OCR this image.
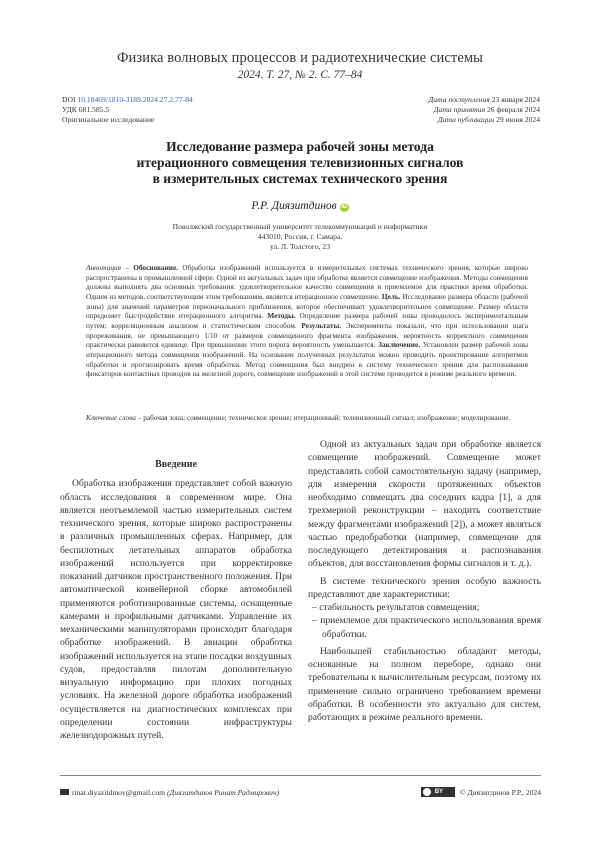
Физика волновых процессов и радиотехнические системы
2024. Т. 27, № 2. С. 77–84
DOI 10.18469/1810-3189.2024.27.2.77-84
УДК 681.585.5
Оригинальное исследование
Дата поступления 23 января 2024
Дата принятия 26 февраля 2024
Дата публикации 29 июня 2024
Исследование размера рабочей зоны метода
итерационного совмещения телевизионных сигналов
в измерительных системах технического зрения
Р.Р. Диязитдинов iD
Поволжский государственный университет телекоммуникаций и информатики
443010, Россия, г. Самара,
ул. Л. Толстого, 23
Аннотация – Обоснование. Обработка изображений используется в измерительных системах технического зрения, которые широко распространены в промышленной сфере. Одной из актуальных задач при обработке является совмещение изображения. Методы совмещения должны выполнять два основных требования: удовлетворительное качество совмещения и приемлемое для практики время обработки. Одним из методов, соответствующим этим требованиям, является итерационное совмещение. Цель. Исследование размера области (рабочей зоны) для значений параметров первоначального приближения, которое обеспечивает удовлетворительное совмещение. Размер области определяет быстродействие итерационного алгоритма. Методы. Определение размера рабочей зоны проводилось экспериментальным путем; корреляционным анализом и статистическим способом. Результаты. Эксперименты показали, что при использовании шага прореживания, не превышающего 1/10 от размеров совмещенного фрагмента изображения, вероятность корректного совмещения практически равняется единице. При превышении этого порога вероятность уменьшается. Заключение. Установлен размер рабочей зоны итерационного метода совмещения изображений. На основании полученных результатов можно проводить проектирование алгоритмов обработки и прогнозировать время обработки. Метод совмещения был внедрен в систему технического зрения для распознавания фиксаторов контактных проводов на железной дороге, совмещение изображений в этой системе проводится в режиме реального времени.
Ключевые слова – рабочая зона; совмещение; техническое зрение; итерационный; телевизионный сигнал; изображение; моделирование.
Введение

Обработка изображения представляет собой важную область исследования в современном мире. Она является неотъемлемой частью измерительных систем технического зрения, которые широко распространены в различных промышленных сферах. Например, для беспилотных летательных аппаратов обработка изображений используется при корректировке показаний датчиков пространственного положения. При автоматической конвейерной сборке автомобилей применяются роботизированные системы, оснащенные камерами и профильными датчиками. Управление их механическими манипуляторами происходит благодаря обработке изображений. В авиации обработка изображений используется на этапе посадки воздушных судов, предоставляя пилотам дополнительную визуальную информацию при плохих погодных условиях. На железной дороге обработка изображений осуществляется на диагностических комплексах при определении состоянии инфраструктуры железнодорожных путей.

Одной из актуальных задач при обработке является совмещение изображений. Совмещение может представлять собой самостоятельную задачу (например, для измерения скорости протяженных объектов необходимо совмещать два соседних кадра [1], а для трехмерной реконструкции – находить соответствие между фрагментами изображений [2]), а может являться частью предобработки (например, совмещение для последующего детектирования и распознавания объектов, для восстановления формы сигналов и т. д.).

В системе технического зрения особую важность представляют две характеристики:

– стабильность результатов совмещения;

– приемлемое для практического использования время обработки.

Наибольшей стабильностью обладают методы, основанные на полном переборе, однако они требовательны к вычислительным ресурсам, поэтому их применение сильно ограничено требованием времени обработки. В особенности это актуально для систем, работающих в режиме реального времени.

rinat.diyazitdinov@gmail.com (Диязитдинов Ринат Радмирович)	BY © Диязитдинов Р.Р., 2024
